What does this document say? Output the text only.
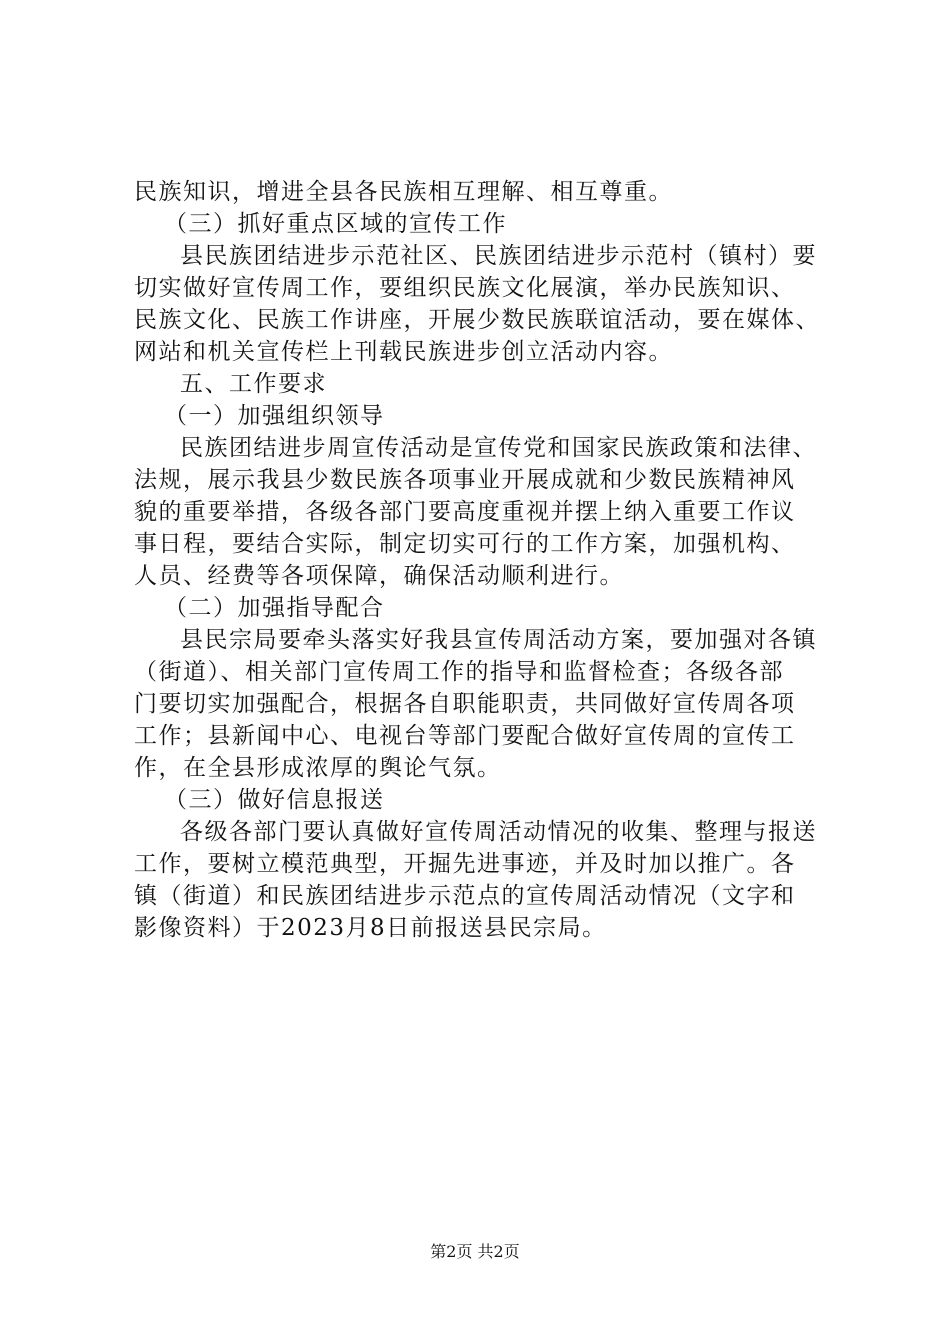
民族知识，增进全县各民族相互理解、相互尊重。
（三）抓好重点区域的宣传工作
县民族团结进步示范社区、民族团结进步示范村（镇村）要
切实做好宣传周工作，要组织民族文化展演，举办民族知识、
民族文化、民族工作讲座，开展少数民族联谊活动，要在媒体、
网站和机关宣传栏上刊载民族进步创立活动内容。
五、工作要求
（一）加强组织领导
民族团结进步周宣传活动是宣传党和国家民族政策和法律、
法规，展示我县少数民族各项事业开展成就和少数民族精神风
貌的重要举措，各级各部门要高度重视并摆上纳入重要工作议
事日程，要结合实际，制定切实可行的工作方案，加强机构、
人员、经费等各项保障，确保活动顺利进行。
（二）加强指导配合
县民宗局要牵头落实好我县宣传周活动方案，要加强对各镇
（街道）、相关部门宣传周工作的指导和监督检查；各级各部
门要切实加强配合，根据各自职能职责，共同做好宣传周各项
工作；县新闻中心、电视台等部门要配合做好宣传周的宣传工
作，在全县形成浓厚的舆论气氛。
（三）做好信息报送
各级各部门要认真做好宣传周活动情况的收集、整理与报送
工作，要树立模范典型，开掘先进事迹，并及时加以推广。各
镇（街道）和民族团结进步示范点的宣传周活动情况（文字和
影像资料）于2023月8日前报送县民宗局。
第2页 共2页
